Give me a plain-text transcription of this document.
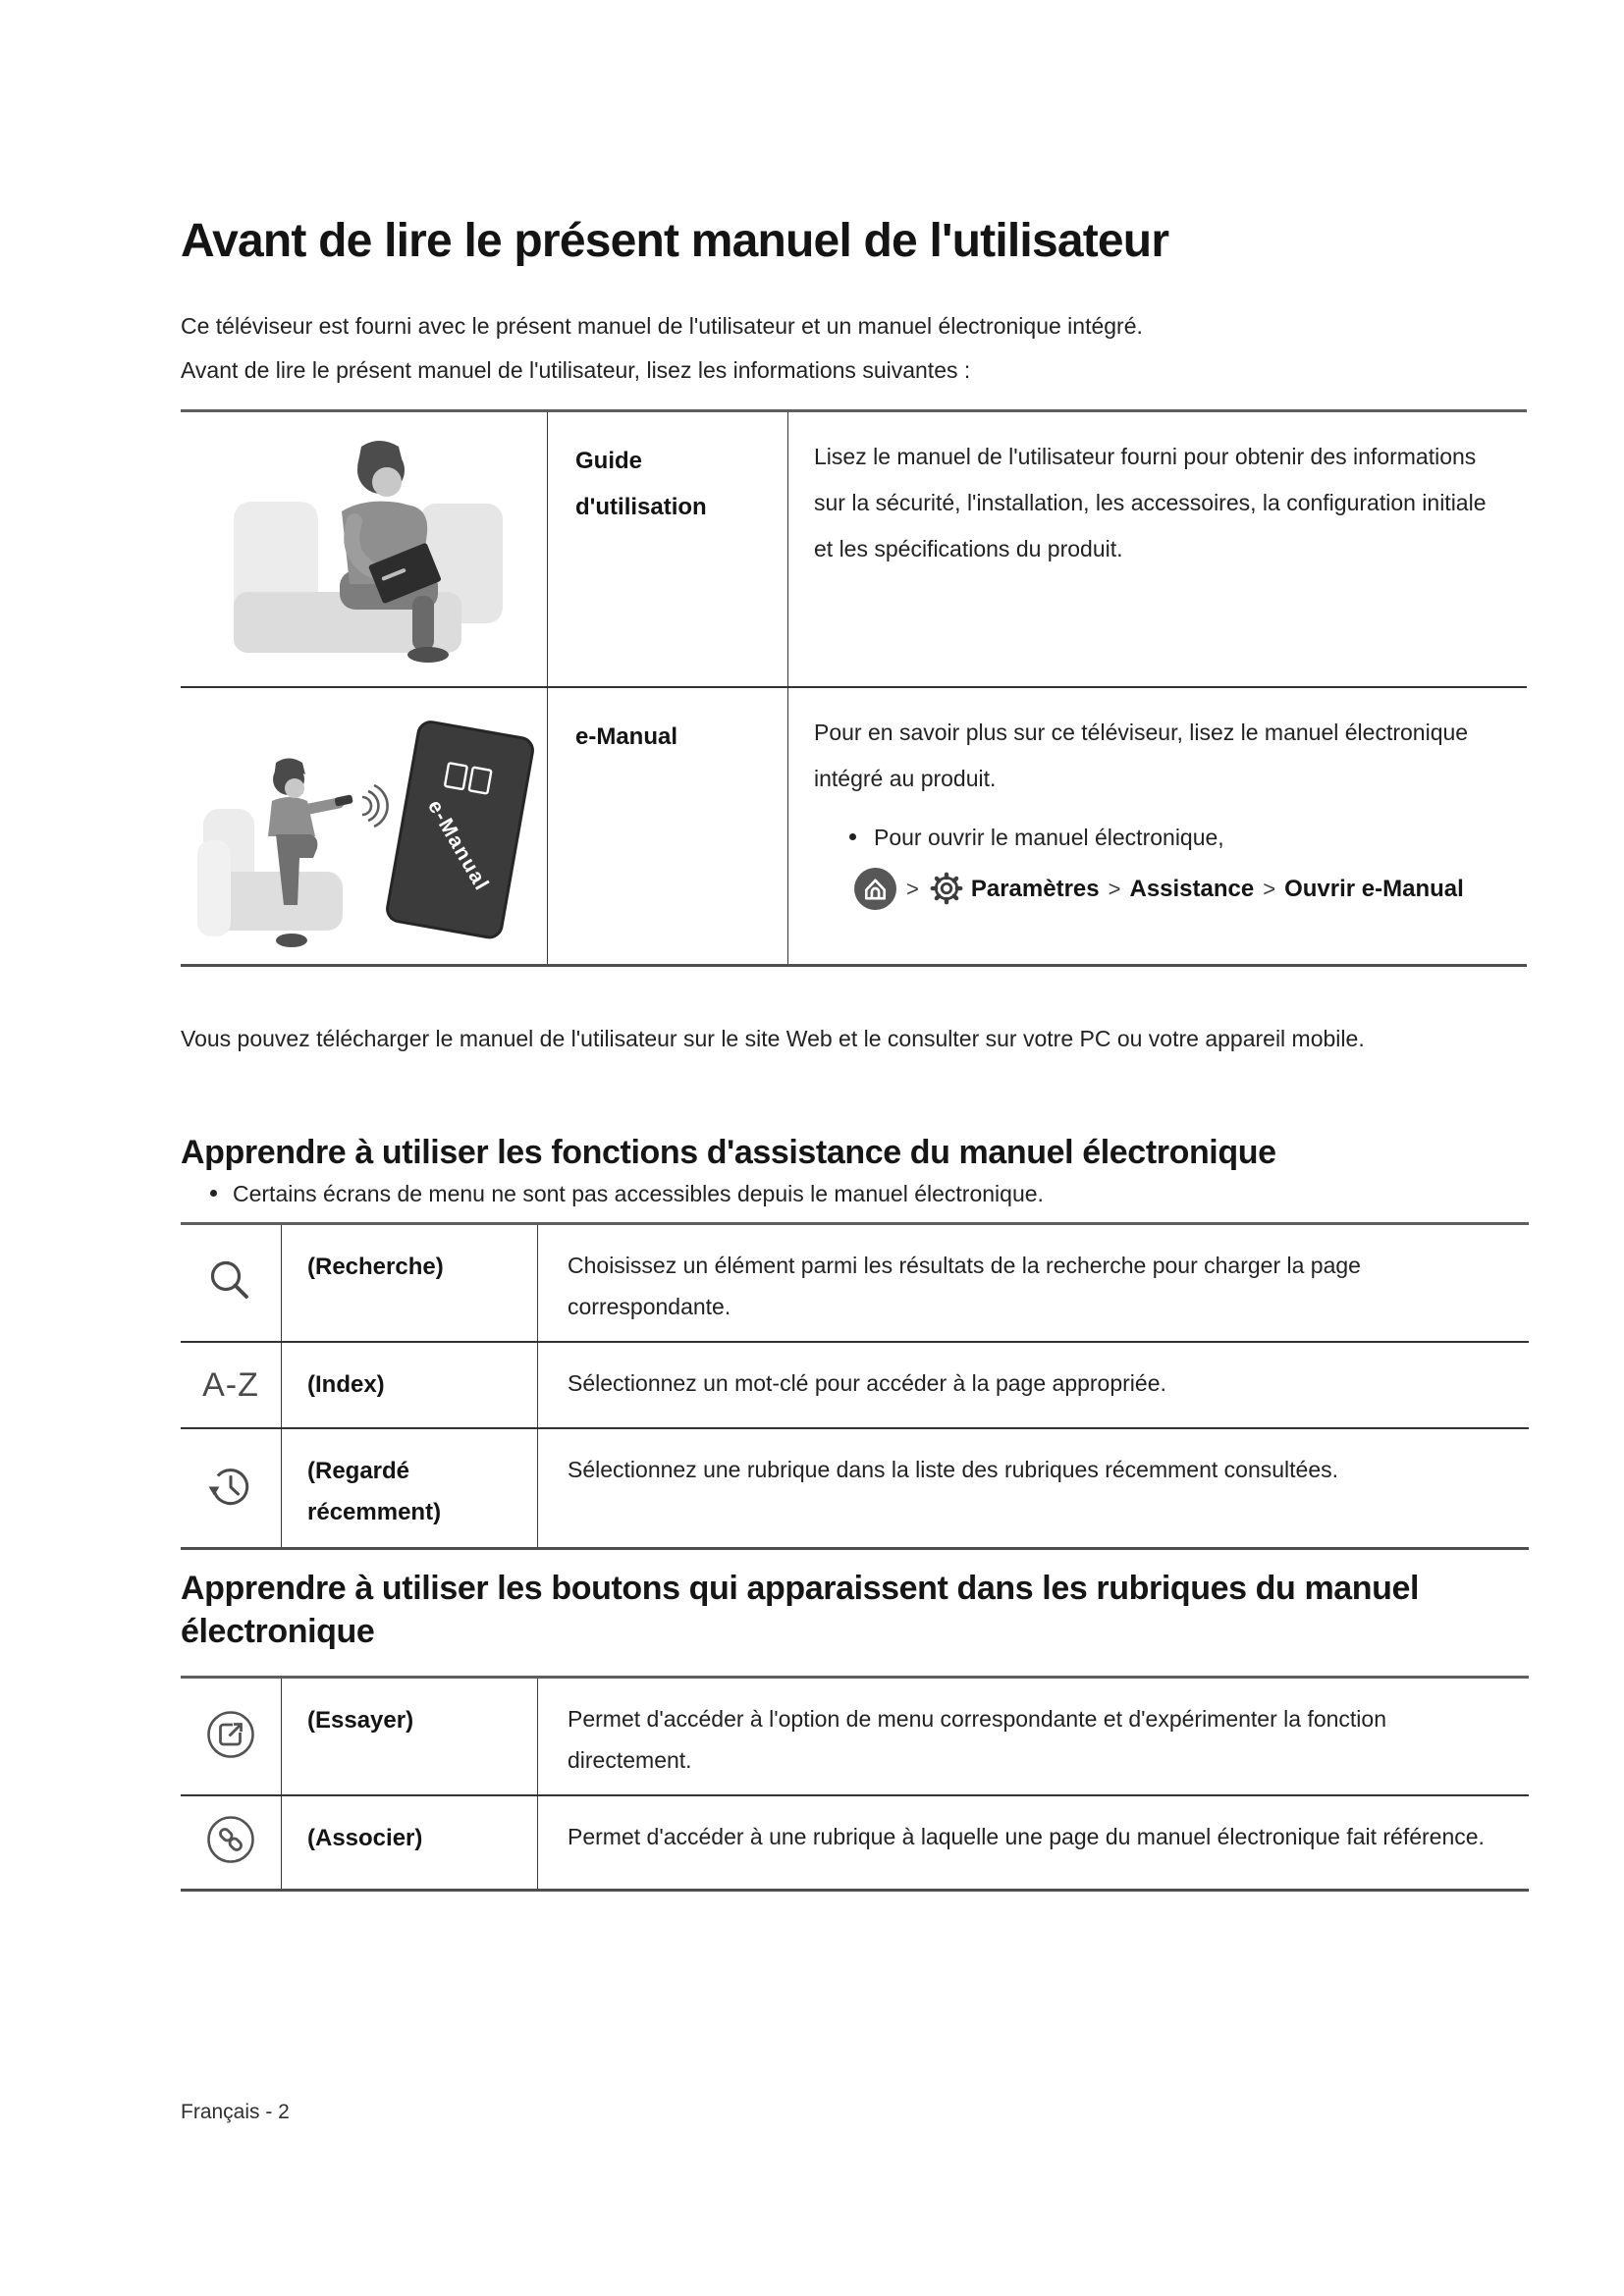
Avant de lire le présent manuel de l'utilisateur
Ce téléviseur est fourni avec le présent manuel de l'utilisateur et un manuel électronique intégré.
Avant de lire le présent manuel de l'utilisateur, lisez les informations suivantes :
	Guide d'utilisation	Lisez le manuel de l'utilisateur fourni pour obtenir des informations sur la sécurité, l'installation, les accessoires, la configuration initiale et les spécifications du produit.

e-Manual
	e-Manual	Pour en savoir plus sur ce téléviseur, lisez le manuel électronique intégré au produit.
Pour ouvrir le manuel électronique,
> Paramètres > Assistance > Ouvrir e-Manual

Vous pouvez télécharger le manuel de l'utilisateur sur le site Web et le consulter sur votre PC ou votre appareil mobile.

Apprendre à utiliser les fonctions d'assistance du manuel électronique
Certains écrans de menu ne sont pas accessibles depuis le manuel électronique.
	(Recherche)	Choisissez un élément parmi les résultats de la recherche pour charger la page correspondante.
A-Z	(Index)	Sélectionnez un mot-clé pour accéder à la page appropriée.
	(Regardé récemment)	Sélectionnez une rubrique dans la liste des rubriques récemment consultées.
Apprendre à utiliser les boutons qui apparaissent dans les rubriques du manuel électronique
	(Essayer)	Permet d'accéder à l'option de menu correspondante et d'expérimenter la fonction directement.
	(Associer)	Permet d'accéder à une rubrique à laquelle une page du manuel électronique fait référence.
Français - 2
